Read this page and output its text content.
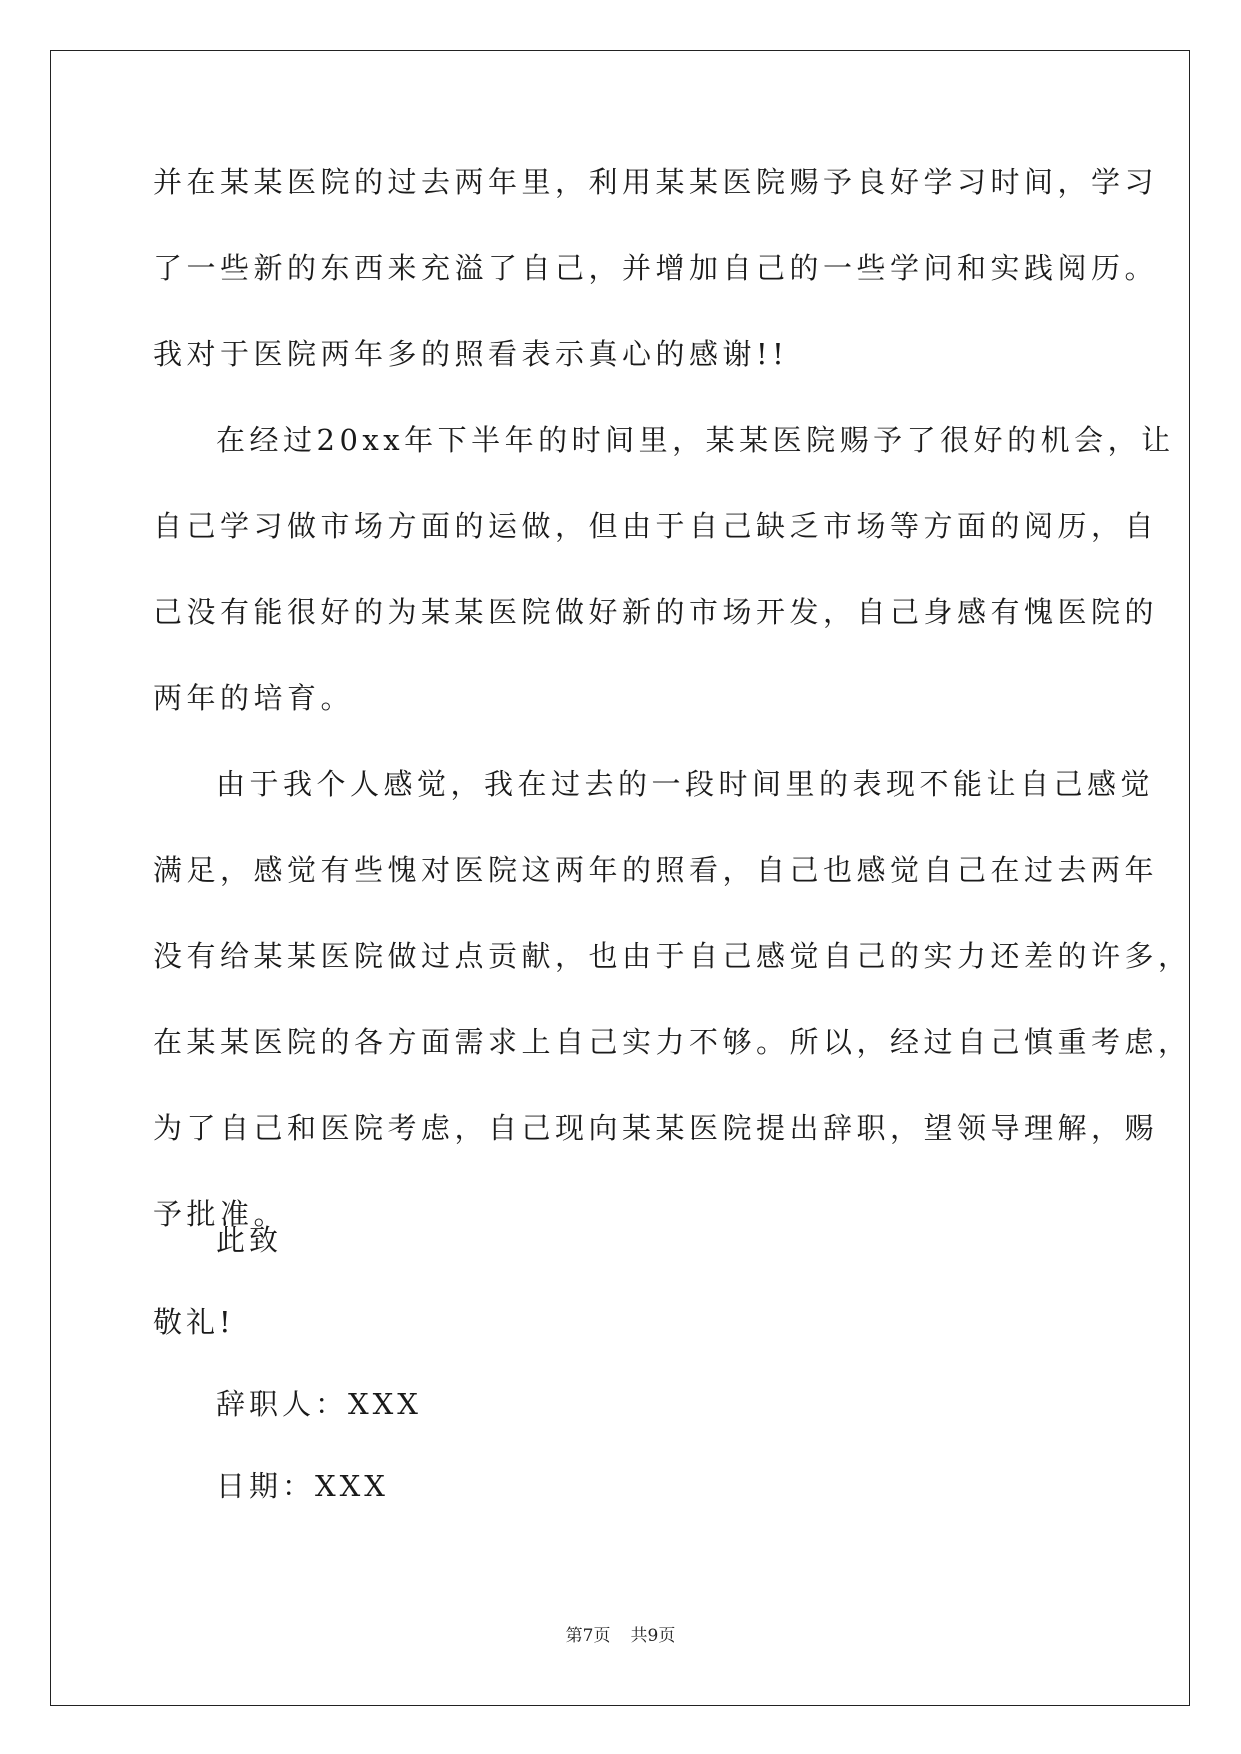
并在某某医院的过去两年里，利用某某医院赐予良好学习时间，学习
了一些新的东西来充溢了自己，并增加自己的一些学问和实践阅历。
我对于医院两年多的照看表示真心的感谢!!
在经过20xx年下半年的时间里，某某医院赐予了很好的机会，让
自己学习做市场方面的运做，但由于自己缺乏市场等方面的阅历，自
己没有能很好的为某某医院做好新的市场开发，自己身感有愧医院的
两年的培育。
由于我个人感觉，我在过去的一段时间里的表现不能让自己感觉
满足，感觉有些愧对医院这两年的照看，自己也感觉自己在过去两年
没有给某某医院做过点贡献，也由于自己感觉自己的实力还差的许多，
在某某医院的各方面需求上自己实力不够。所以，经过自己慎重考虑，
为了自己和医院考虑，自己现向某某医院提出辞职，望领导理解，赐
予批准。
此致
敬礼!
辞职人：XXX
日期：XXX
第7页 共9页
